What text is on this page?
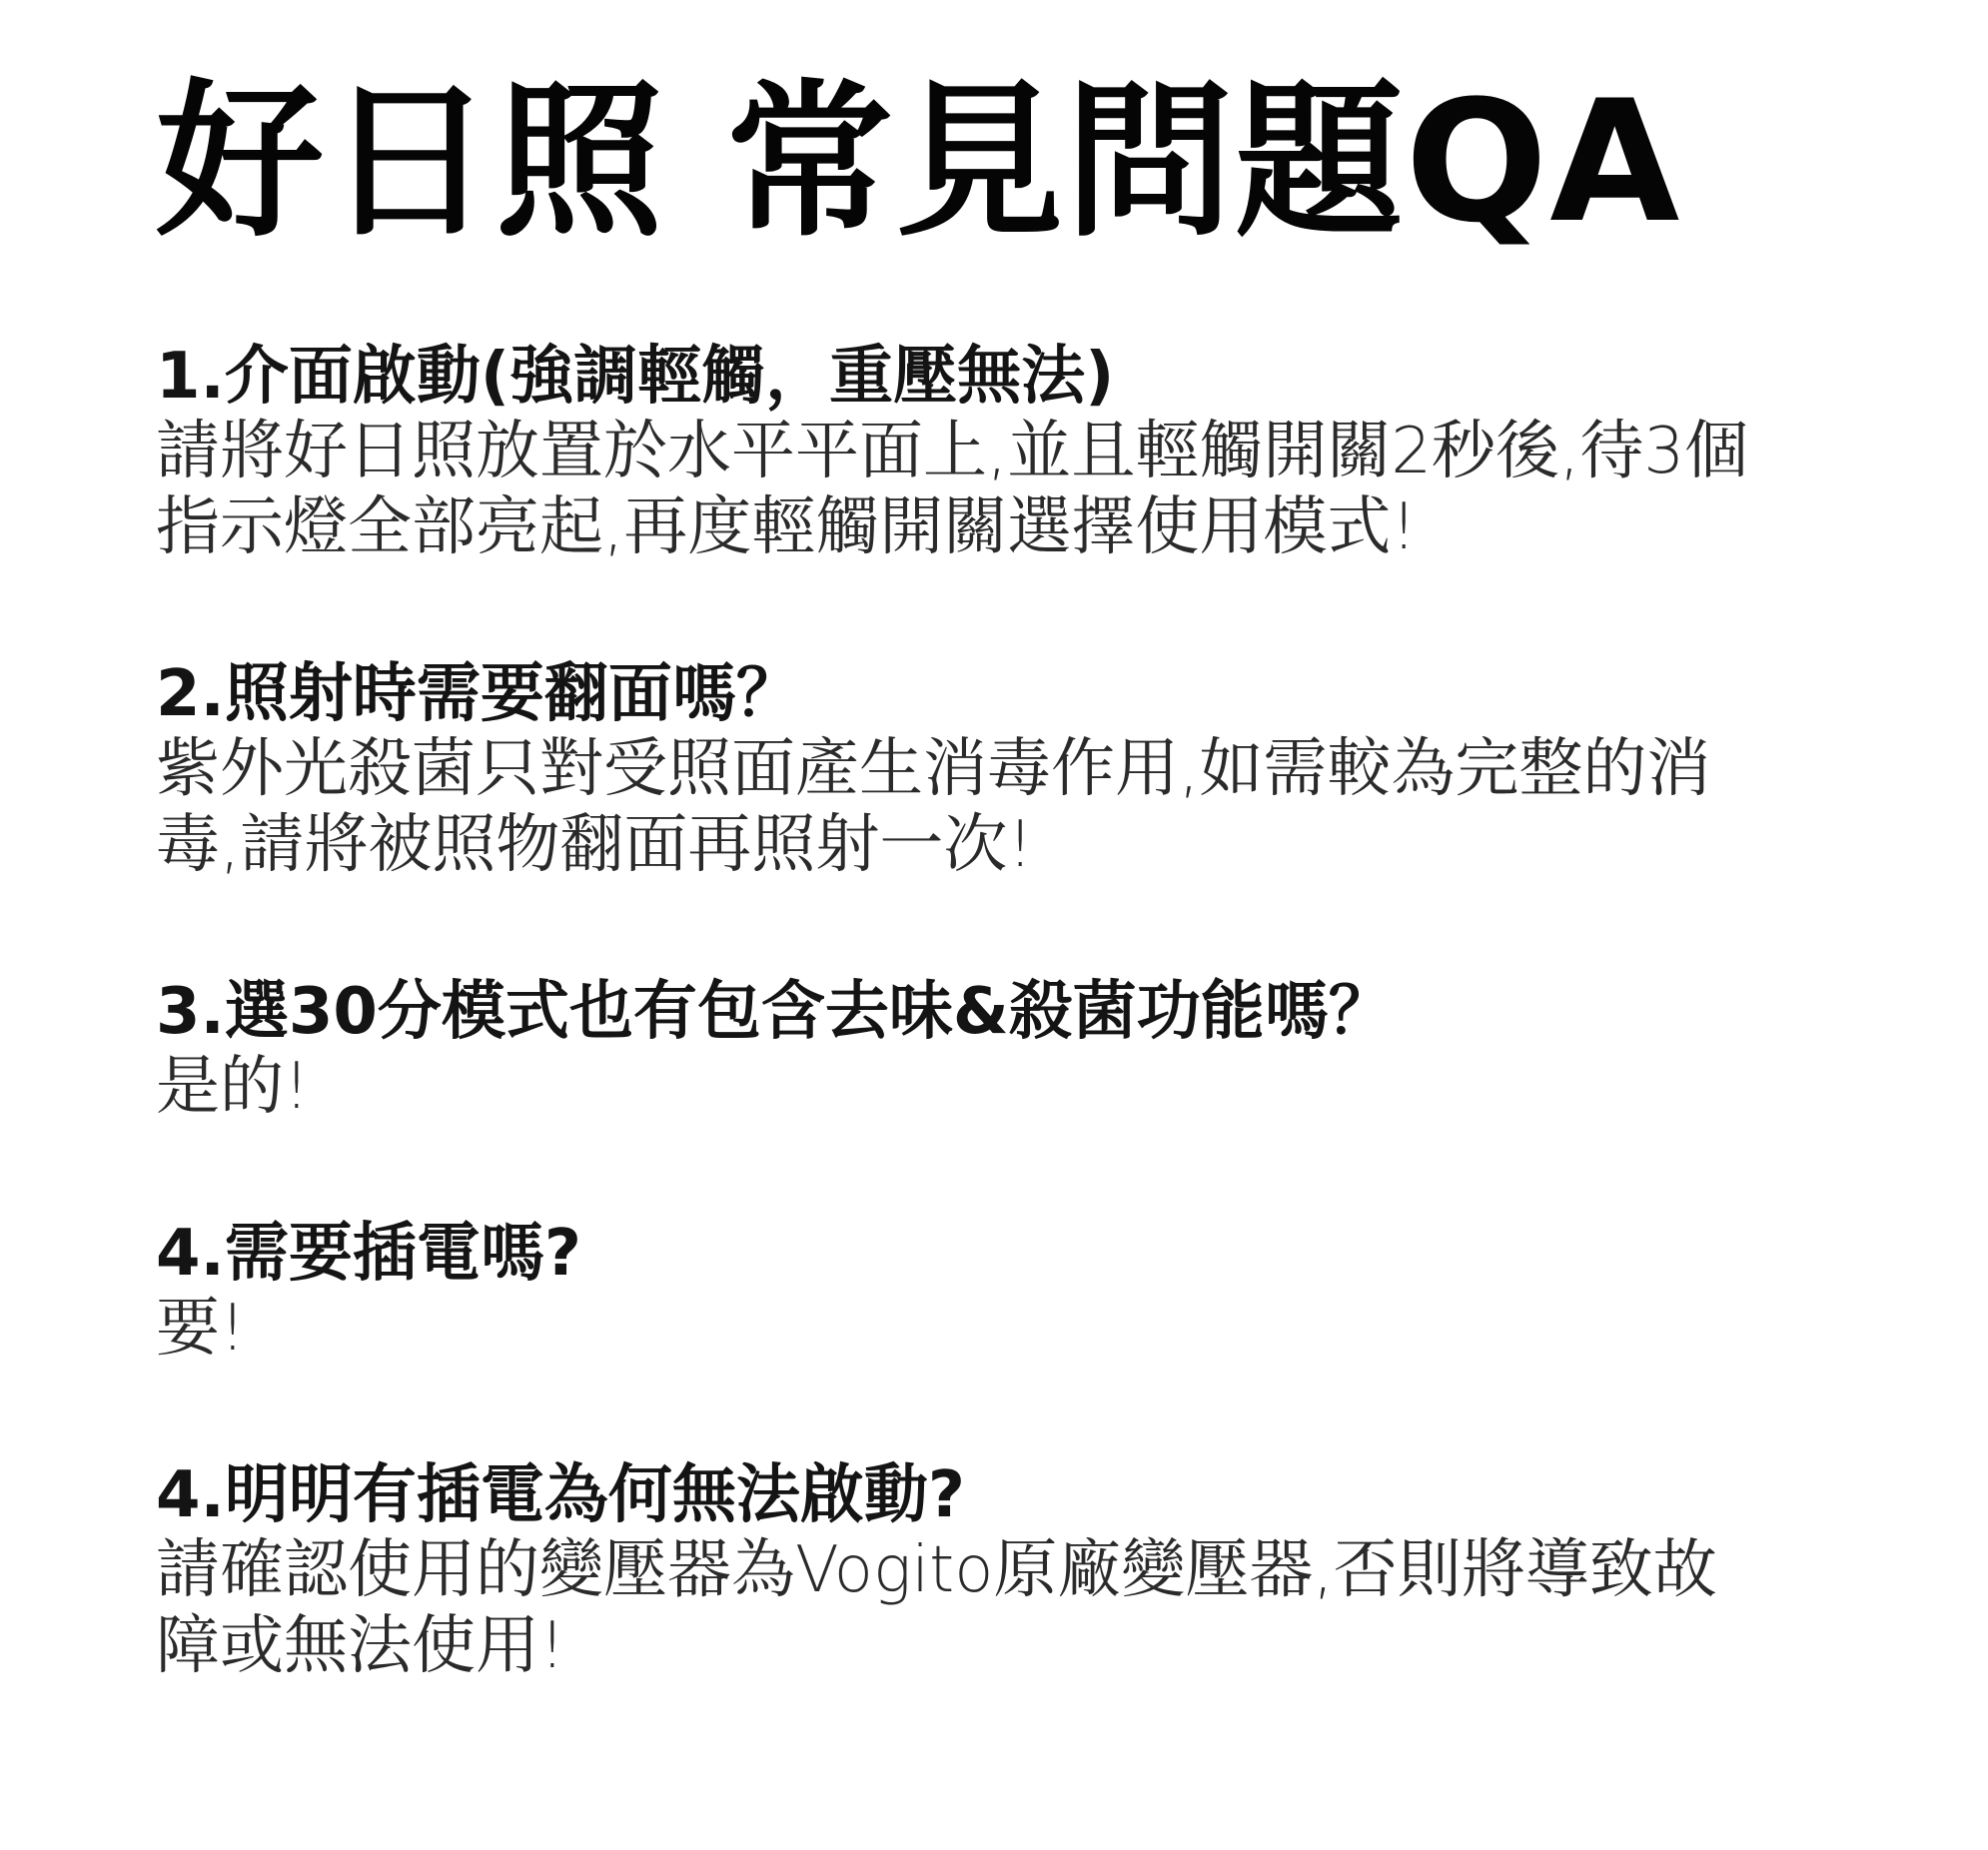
好日照 常見問題QA
1.介面啟動(強調輕觸，重壓無法)

請將好日照放置於水平平面上,並且輕觸開關2秒後,待3個
指示燈全部亮起,再度輕觸開關選擇使用模式!

2.照射時需要翻面嗎？

紫外光殺菌只對受照面產生消毒作用,如需較為完整的消
毒,請將被照物翻面再照射一次!

3.選30分模式也有包含去味&殺菌功能嗎？

是的!

4.需要插電嗎?

要!

4.明明有插電為何無法啟動?

請確認使用的變壓器為Vogito原廠變壓器,否則將導致故
障或無法使用!
